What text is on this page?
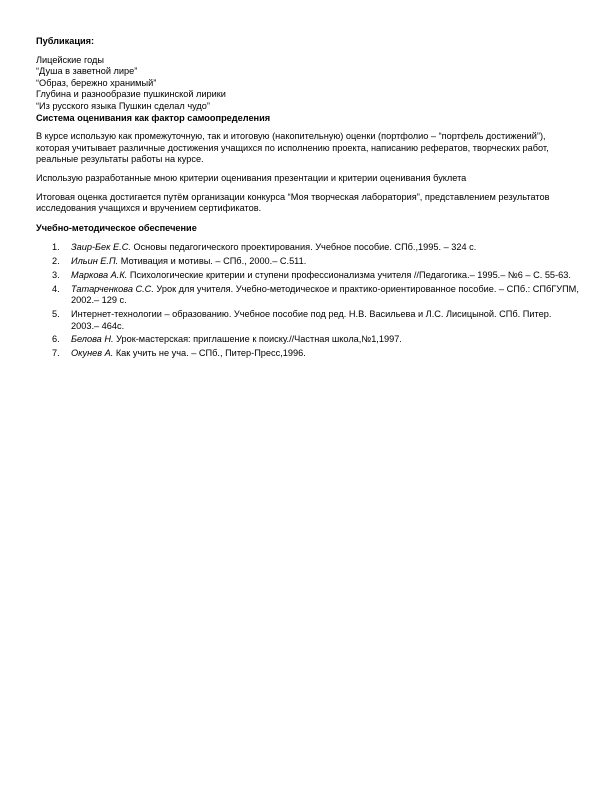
Публикация:
Лицейские годы
“Душа в заветной лире”
“Образ, бережно хранимый”
Глубина и разнообразие пушкинской лирики
“Из русского языка Пушкин сделал чудо”
Система оценивания как фактор самоопределения

В курсе использую как промежуточную, так и итоговую (накопительную) оценки (портфолио – “портфель достижений”), которая учитывает различные достижения учащихся по исполнению проекта, написанию рефератов, творческих работ, реальные результаты работы на курсе.

Использую разработанные мною критерии оценивания презентации и критерии оценивания буклета

Итоговая оценка достигается путём организации конкурса “Моя творческая лаборатория”, представлением результатов исследования учащихся и вручением сертификатов.

Учебно-методическое обеспечение
1. Заир-Бек Е.С. Основы педагогического проектирования. Учебное пособие. СПб.,1995. – 324 с.
2. Ильин Е.П. Мотивация и мотивы. – СПб., 2000.– С.511.
3. Маркова А.К. Психологические критерии и ступени профессионализма учителя //Педагогика.– 1995.– №6 – С. 55-63.
4. Татарченкова С.С. Урок для учителя. Учебно-методическое и практико-ориентированное пособие. – СПб.: СПбГУПМ, 2002.– 129 с.
5. Интернет-технологии – образованию. Учебное пособие под ред. Н.В. Васильева и Л.С. Лисицыной. СПб. Питер. 2003.– 464с.
6. Белова Н. Урок-мастерская: приглашение к поиску.//Частная школа,№1,1997.
7. Окунев А. Как учить не уча. – СПб., Питер-Пресс,1996.
